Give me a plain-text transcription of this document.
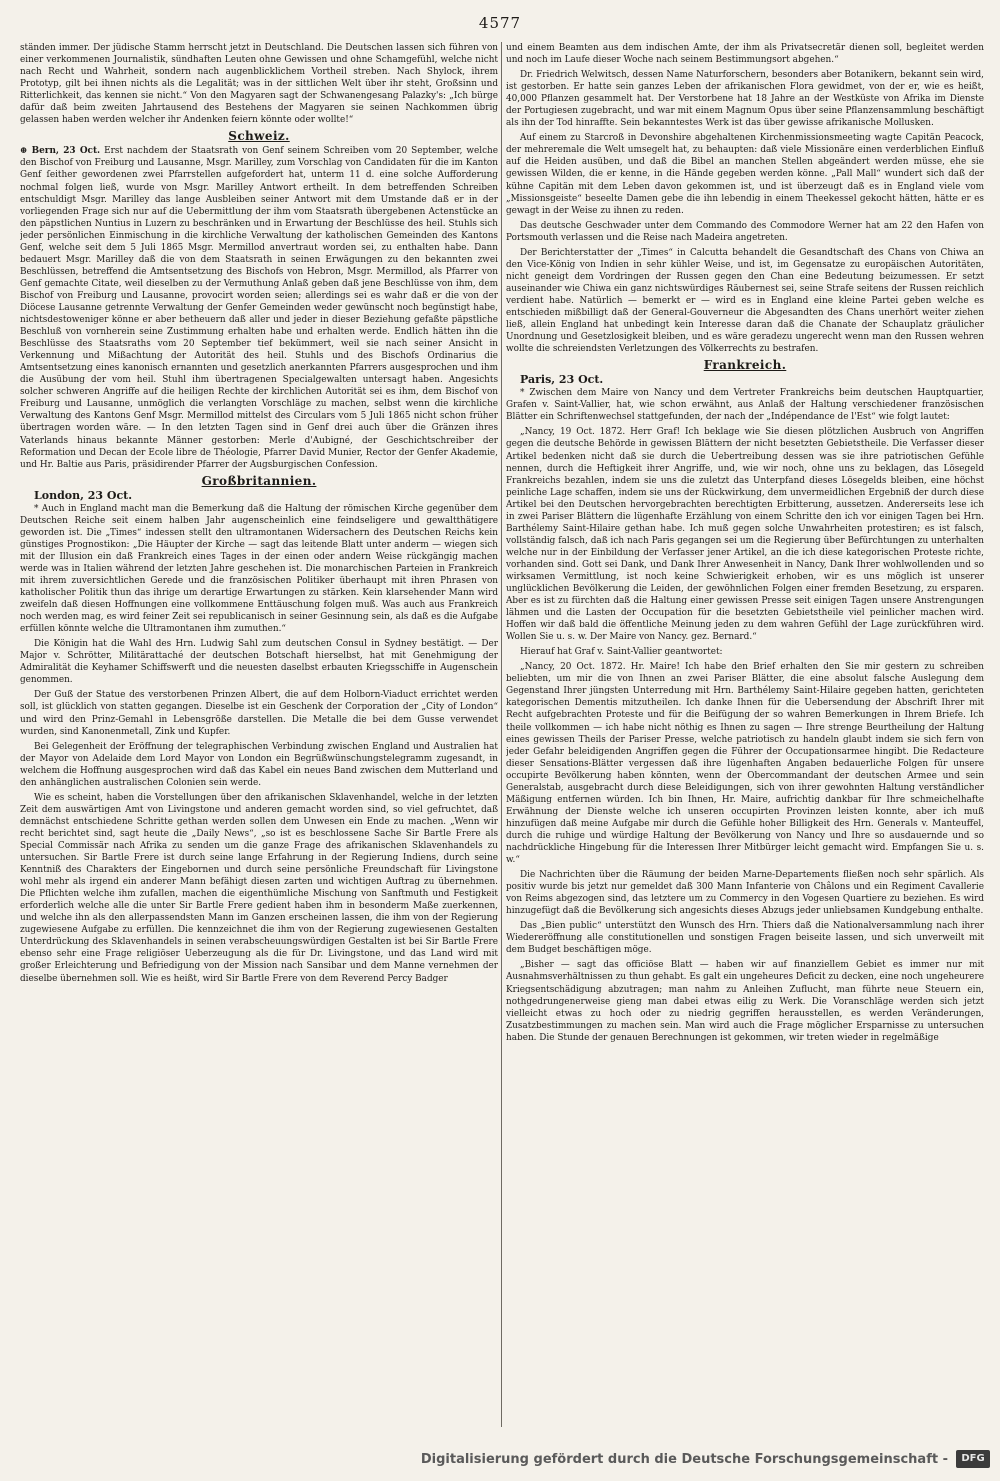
4577

ständen immer. Der jüdische Stamm herrscht jetzt in Deutschland. Die Deutschen lassen sich führen von einer verkommenen Journalistik, sündhaften Leuten ohne Gewissen und ohne Schamgefühl, welche nicht nach Recht und Wahrheit, sondern nach augenblicklichem Vortheil streben. Nach Shylock, ihrem Prototyp, gilt bei ihnen nichts als die Legalität; was in der sittlichen Welt über ihr steht, Großsinn und Ritterlichkeit, das kennen sie nicht.“ Von den Magyaren sagt der Schwanengesang Palazky's: „Ich bürge dafür daß beim zweiten Jahrtausend des Bestehens der Magyaren sie seinen Nachkommen übrig gelassen haben werden welcher ihr Andenken feiern könnte oder wollte!“

Schweiz.

⊕ Bern, 23 Oct. Erst nachdem der Staatsrath von Genf seinem Schreiben vom 20 September, welche den Bischof von Freiburg und Lausanne, Msgr. Marilley, zum Vorschlag von Candidaten für die im Kanton Genf ſeither gewordenen zwei Pfarrstellen aufgefordert hat, unterm 11 d. eine solche Aufforderung nochmal folgen ließ, wurde von Msgr. Marilley Antwort ertheilt. In dem betreffenden Schreiben entschuldigt Msgr. Marilley das lange Ausbleiben seiner Antwort mit dem Umstande daß er in der vorliegenden Frage sich nur auf die Uebermittlung der ihm vom Staatsrath übergebenen Actenstücke an den päpstlichen Nuntius in Luzern zu beschränken und in Erwartung der Beschlüsse des heil. Stuhls sich jeder persönlichen Einmischung in die kirchliche Verwaltung der katholischen Gemeinden des Kantons Genf, welche seit dem 5 Juli 1865 Msgr. Mermillod anvertraut worden sei, zu enthalten habe. Dann bedauert Msgr. Marilley daß die von dem Staatsrath in seinen Erwägungen zu den bekannten zwei Beschlüssen, betreffend die Amtsentsetzung des Bischofs von Hebron, Msgr. Mermillod, als Pfarrer von Genf gemachte Citate, weil dieselben zu der Vermuthung Anlaß geben daß jene Beschlüsse von ihm, dem Bischof von Freiburg und Lausanne, provocirt worden seien; allerdings sei es wahr daß er die von der Diöcese Lausanne getrennte Verwaltung der Genfer Gemeinden weder gewünscht noch begünstigt habe, nichtsdestoweniger könne er aber betheuern daß aller und jeder in dieser Beziehung gefaßte päpstliche Beschluß von vornherein seine Zustimmung erhalten habe und erhalten werde. Endlich hätten ihn die Beschlüsse des Staatsraths vom 20 September tief bekümmert, weil sie nach seiner Ansicht in Verkennung und Mißachtung der Autorität des heil. Stuhls und des Bischofs Ordinarius die Amtsentsetzung eines kanonisch ernannten und gesetzlich anerkannten Pfarrers ausgesprochen und ihm die Ausübung der vom heil. Stuhl ihm übertragenen Specialgewalten untersagt haben. Angesichts solcher schweren Angriffe auf die heiligen Rechte der kirchlichen Autorität sei es ihm, dem Bischof von Freiburg und Lausanne, unmöglich die verlangten Vorschläge zu machen, selbst wenn die kirchliche Verwaltung des Kantons Genf Msgr. Mermillod mittelst des Circulars vom 5 Juli 1865 nicht schon früher übertragen worden wäre. — In den letzten Tagen sind in Genf drei auch über die Gränzen ihres Vaterlands hinaus bekannte Männer gestorben: Merle d'Aubigné, der Geschichtschreiber der Reformation und Decan der Ecole libre de Théologie, Pfarrer David Munier, Rector der Genfer Akademie, und Hr. Baltie aus Paris, präsidirender Pfarrer der Augsburgischen Confession.

Großbritannien.

London, 23 Oct.

* Auch in England macht man die Bemerkung daß die Haltung der römischen Kirche gegenüber dem Deutschen Reiche seit einem halben Jahr augenscheinlich eine feindseligere und gewaltthätigere geworden ist. Die „Times“ indessen stellt den ultramontanen Widersachern des Deutschen Reichs kein günstiges Prognostikon: „Die Häupter der Kirche — sagt das leitende Blatt unter anderm — wiegen sich mit der Illusion ein daß Frankreich eines Tages in der einen oder andern Weise rückgängig machen werde was in Italien während der letzten Jahre geschehen ist. Die monarchischen Parteien in Frankreich mit ihrem zuversichtlichen Gerede und die französischen Politiker überhaupt mit ihren Phrasen von katholischer Politik thun das ihrige um derartige Erwartungen zu stärken. Kein klarsehender Mann wird zweifeln daß diesen Hoffnungen eine vollkommene Enttäuschung folgen muß. Was auch aus Frankreich noch werden mag, es wird feiner Zeit sei republicanisch in seiner Gesinnung sein, als daß es die Aufgabe erfüllen könnte welche die Ultramontanen ihm zumuthen.“

Die Königin hat die Wahl des Hrn. Ludwig Sahl zum deutschen Consul in Sydney bestätigt. — Der Major v. Schrötter, Militärattaché der deutschen Botschaft hierselbst, hat mit Genehmigung der Admiralität die Keyhamer Schiffswerft und die neuesten daselbst erbauten Kriegsschiffe in Augenschein genommen.

Der Guß der Statue des verstorbenen Prinzen Albert, die auf dem Holborn-Viaduct errichtet werden soll, ist glücklich von statten gegangen. Dieselbe ist ein Geschenk der Corporation der „City of London“ und wird den Prinz-Gemahl in Lebensgröße darstellen. Die Metalle die bei dem Gusse verwendet wurden, sind Kanonenmetall, Zink und Kupfer.

Bei Gelegenheit der Eröffnung der telegraphischen Verbindung zwischen England und Australien hat der Mayor von Adelaide dem Lord Mayor von London ein Begrüßwünschungstelegramm zugesandt, in welchem die Hoffnung ausgesprochen wird daß das Kabel ein neues Band zwischen dem Mutterland und den anhänglichen australischen Colonien sein werde.

Wie es scheint, haben die Vorstellungen über den afrikanischen Sklavenhandel, welche in der letzten Zeit dem auswärtigen Amt von Livingstone und anderen gemacht worden sind, so viel gefruchtet, daß demnächst entschiedene Schritte gethan werden sollen dem Unwesen ein Ende zu machen. „Wenn wir recht berichtet sind, sagt heute die „Daily News“, „so ist es beschlossene Sache Sir Bartle Frere als Special Commissär nach Afrika zu senden um die ganze Frage des afrikanischen Sklavenhandels zu untersuchen. Sir Bartle Frere ist durch seine lange Erfahrung in der Regierung Indiens, durch seine Kenntniß des Charakters der Eingebornen und durch seine persönliche Freundschaft für Livingstone wohl mehr als irgend ein anderer Mann befähigt diesen zarten und wichtigen Auftrag zu übernehmen. Die Pflichten welche ihm zufallen, machen die eigenthümliche Mischung von Sanftmuth und Festigkeit erforderlich welche alle die unter Sir Bartle Frere gedient haben ihm in besonderm Maße zuerkennen, und welche ihn als den allerpassendsten Mann im Ganzen erscheinen lassen, die ihm von der Regierung zugewiesene Aufgabe zu erfüllen. Die kennzeichnet die ihm von der Regierung zugewiesenen Gestalten Unterdrückung des Sklavenhandels in seinen verabscheuungswürdigen Gestalten ist bei Sir Bartle Frere ebenso sehr eine Frage religiöser Ueberzeugung als die für Dr. Livingstone, und das Land wird mit großer Erleichterung und Befriedigung von der Mission nach Sansibar und dem Manne vernehmen der dieselbe übernehmen soll. Wie es heißt, wird Sir Bartle Frere von dem Reverend Percy Badger

und einem Beamten aus dem indischen Amte, der ihm als Privatsecretär dienen soll, begleitet werden und noch im Laufe dieser Woche nach seinem Bestimmungsort abgehen.“

Dr. Friedrich Welwitsch, dessen Name Naturforschern, besonders aber Botanikern, bekannt sein wird, ist gestorben. Er hatte sein ganzes Leben der afrikanischen Flora gewidmet, von der er, wie es heißt, 40,000 Pflanzen gesammelt hat. Der Verstorbene hat 18 Jahre an der Westküste von Afrika im Dienste der Portugiesen zugebracht, und war mit einem Magnum Opus über seine Pflanzensammlung beschäftigt als ihn der Tod hinraffte. Sein bekanntestes Werk ist das über gewisse afrikanische Mollusken.

Auf einem zu Starcroß in Devonshire abgehaltenen Kirchenmissionsmeeting wagte Capitän Peacock, der mehreremale die Welt umsegelt hat, zu behaupten: daß viele Missionäre einen verderblichen Einfluß auf die Heiden ausüben, und daß die Bibel an manchen Stellen abgeändert werden müsse, ehe sie gewissen Wilden, die er kenne, in die Hände gegeben werden könne. „Pall Mall“ wundert sich daß der kühne Capitän mit dem Leben davon gekommen ist, und ist überzeugt daß es in England viele vom „Missionsgeiste“ beseelte Damen gebe die ihn lebendig in einem Theekessel gekocht hätten, hätte er es gewagt in der Weise zu ihnen zu reden.

Das deutsche Geschwader unter dem Commando des Commodore Werner hat am 22 den Hafen von Portsmouth verlassen und die Reise nach Madeira angetreten.

Der Berichterstatter der „Times“ in Calcutta behandelt die Gesandtschaft des Chans von Chiwa an den Vice-König von Indien in sehr kühler Weise, und ist, im Gegensatze zu europäischen Autoritäten, nicht geneigt dem Vordringen der Russen gegen den Chan eine Bedeutung beizumessen. Er setzt auseinander wie Chiwa ein ganz nichtswürdiges Räubernest sei, seine Strafe seitens der Russen reichlich verdient habe. Natürlich — bemerkt er — wird es in England eine kleine Partei geben welche es entschieden mißbilligt daß der General-Gouverneur die Abgesandten des Chans unerhört weiter ziehen ließ, allein England hat unbedingt kein Interesse daran daß die Chanate der Schauplatz gräulicher Unordnung und Gesetzlosigkeit bleiben, und es wäre geradezu ungerecht wenn man den Russen wehren wollte die schreiendsten Verletzungen des Völkerrechts zu bestrafen.

Frankreich.

Paris, 23 Oct.

* Zwischen dem Maire von Nancy und dem Vertreter Frankreichs beim deutschen Hauptquartier, Grafen v. Saint-Vallier, hat, wie schon erwähnt, aus Anlaß der Haltung verschiedener französischen Blätter ein Schriftenwechsel stattgefunden, der nach der „Indépendance de l'Est“ wie folgt lautet:

„Nancy, 19 Oct. 1872. Herr Graf! Ich beklage wie Sie diesen plötzlichen Ausbruch von Angriffen gegen die deutsche Behörde in gewissen Blättern der nicht besetzten Gebietstheile. Die Verfasser dieser Artikel bedenken nicht daß sie durch die Uebertreibung dessen was sie ihre patriotischen Gefühle nennen, durch die Heftigkeit ihrer Angriffe, und, wie wir noch, ohne uns zu beklagen, das Lösegeld Frankreichs bezahlen, indem sie uns die zuletzt das Unterpfand dieses Lösegelds bleiben, eine höchst peinliche Lage schaffen, indem sie uns der Rückwirkung, dem unvermeidlichen Ergebniß der durch diese Artikel bei den Deutschen hervorgebrachten berechtigten Erbitterung, aussetzen. Andererseits lese ich in zwei Pariser Blättern die lügenhafte Erzählung von einem Schritte den ich vor einigen Tagen bei Hrn. Barthélemy Saint-Hilaire gethan habe. Ich muß gegen solche Unwahrheiten protestiren; es ist falsch, vollständig falsch, daß ich nach Paris gegangen sei um die Regierung über Befürchtungen zu unterhalten welche nur in der Einbildung der Verfasser jener Artikel, an die ich diese kategorischen Proteste richte, vorhanden sind. Gott sei Dank, und Dank Ihrer Anwesenheit in Nancy, Dank Ihrer wohlwollenden und so wirksamen Vermittlung, ist noch keine Schwierigkeit erhoben, wir es uns möglich ist unserer unglücklichen Bevölkerung die Leiden, der gewöhnlichen Folgen einer fremden Besetzung, zu ersparen. Aber es ist zu fürchten daß die Haltung einer gewissen Presse seit einigen Tagen unsere Anstrengungen lähmen und die Lasten der Occupation für die besetzten Gebietstheile viel peinlicher machen wird. Hoffen wir daß bald die öffentliche Meinung jeden zu dem wahren Gefühl der Lage zurückführen wird. Wollen Sie u. s. w. Der Maire von Nancy. gez. Bernard.“

Hierauf hat Graf v. Saint-Vallier geantwortet:

„Nancy, 20 Oct. 1872. Hr. Maire! Ich habe den Brief erhalten den Sie mir gestern zu schreiben beliebten, um mir die von Ihnen an zwei Pariser Blätter, die eine absolut falsche Auslegung dem Gegenstand Ihrer jüngsten Unterredung mit Hrn. Barthélemy Saint-Hilaire gegeben hatten, gerichteten kategorischen Dementis mitzutheilen. Ich danke Ihnen für die Uebersendung der Abschrift Ihrer mit Recht aufgebrachten Proteste und für die Beifügung der so wahren Bemerkungen in Ihrem Briefe. Ich theile vollkommen — ich habe nicht nöthig es Ihnen zu sagen — Ihre strenge Beurtheilung der Haltung eines gewissen Theils der Pariser Presse, welche patriotisch zu handeln glaubt indem sie sich fern von jeder Gefahr beleidigenden Angriffen gegen die Führer der Occupationsarmee hingibt. Die Redacteure dieser Sensations-Blätter vergessen daß ihre lügenhaften Angaben bedauerliche Folgen für unsere occupirte Bevölkerung haben könnten, wenn der Obercommandant der deutschen Armee und sein Generalstab, ausgebracht durch diese Beleidigungen, sich von ihrer gewohnten Haltung verständlicher Mäßigung entfernen würden. Ich bin Ihnen, Hr. Maire, aufrichtig dankbar für Ihre schmeichelhafte Erwähnung der Dienste welche ich unseren occupirten Provinzen leisten konnte, aber ich muß hinzufügen daß meine Aufgabe mir durch die Gefühle hoher Billigkeit des Hrn. Generals v. Manteuffel, durch die ruhige und würdige Haltung der Bevölkerung von Nancy und Ihre so ausdauernde und so nachdrückliche Hingebung für die Interessen Ihrer Mitbürger leicht gemacht wird. Empfangen Sie u. s. w.“

Die Nachrichten über die Räumung der beiden Marne-Departements fließen noch sehr spärlich. Als positiv wurde bis jetzt nur gemeldet daß 300 Mann Infanterie von Châlons und ein Regiment Cavallerie von Reims abgezogen sind, das letztere um zu Commercy in den Vogesen Quartiere zu beziehen. Es wird hinzugefügt daß die Bevölkerung sich angesichts dieses Abzugs jeder unliebsamen Kundgebung enthalte.

Das „Bien public“ unterstützt den Wunsch des Hrn. Thiers daß die Nationalversammlung nach ihrer Wiedereröffnung alle constitutionellen und sonstigen Fragen beiseite lassen, und sich unverweilt mit dem Budget beschäftigen möge.

„Bisher — sagt das officiöse Blatt — haben wir auf finanziellem Gebiet es immer nur mit Ausnahmsverhältnissen zu thun gehabt. Es galt ein ungeheures Deficit zu decken, eine noch ungeheurere Kriegsentschädigung abzutragen; man nahm zu Anleihen Zuflucht, man führte neue Steuern ein, nothgedrungenerweise gieng man dabei etwas eilig zu Werk. Die Voranschläge werden sich jetzt vielleicht etwas zu hoch oder zu niedrig gegriffen herausstellen, es werden Veränderungen, Zusatzbestimmungen zu machen sein. Man wird auch die Frage möglicher Ersparnisse zu untersuchen haben. Die Stunde der genauen Berechnungen ist gekommen, wir treten wieder in regelmäßige

Digitalisierung gefördert durch die Deutsche Forschungsgemeinschaft -	DFG
